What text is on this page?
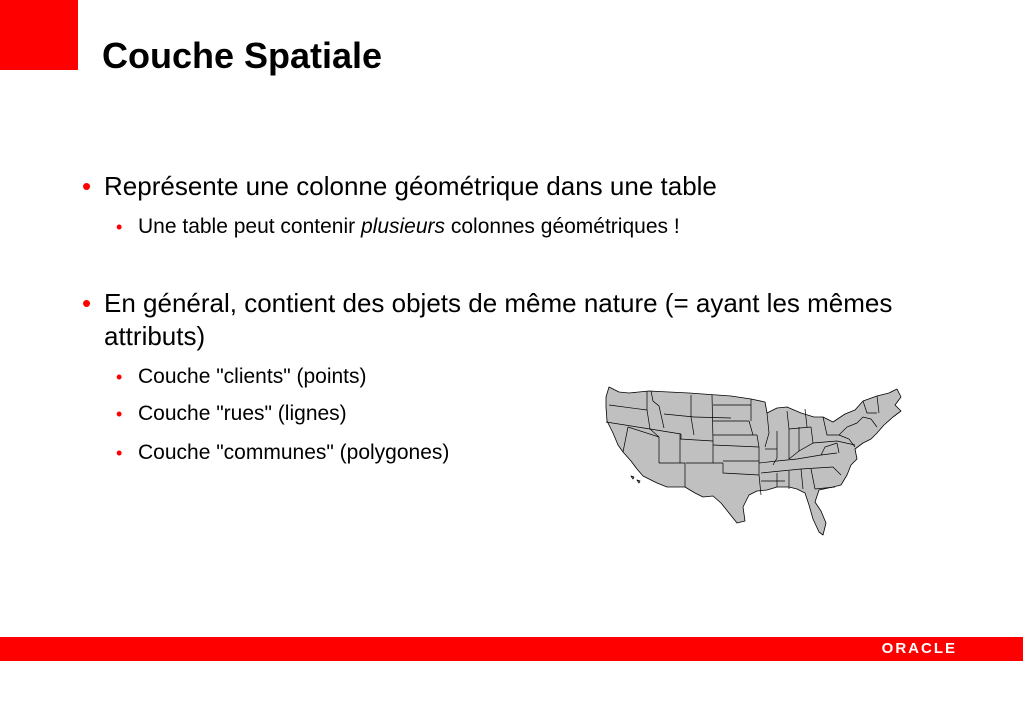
Couche Spatiale
• Représente une colonne géométrique dans une table
• Une table peut contenir plusieurs colonnes géométriques !
• En général, contient des objets de même nature (= ayant les mêmes attributs)
• Couche "clients" (points)
• Couche "rues" (lignes)
• Couche "communes" (polygones)
ORACLE
